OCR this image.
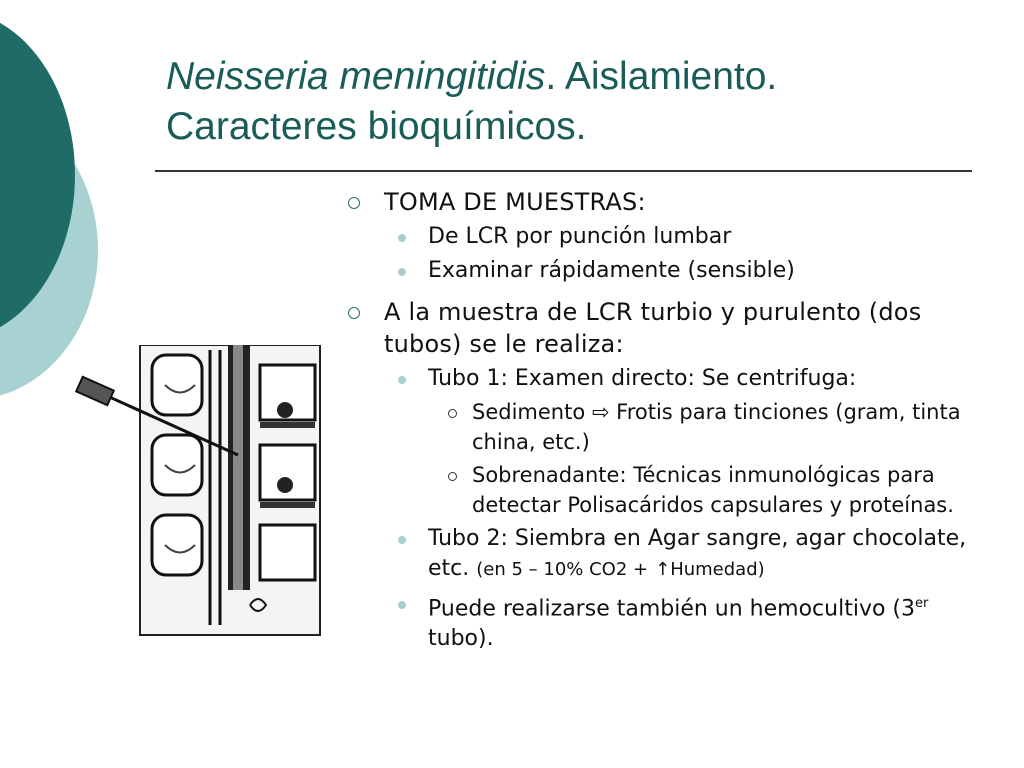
Neisseria meningitidis. Aislamiento.
Caracteres bioquímicos.
TOMA DE MUESTRAS:
De LCR por punción lumbar
Examinar rápidamente (sensible)
A la muestra de LCR turbio y purulento (dos tubos) se le realiza:
Tubo 1: Examen directo: Se centrifuga:
Sedimento ⇨ Frotis para tinciones (gram, tinta china, etc.)
Sobrenadante: Técnicas inmunológicas para detectar Polisacáridos capsulares y proteínas.
Tubo 2: Siembra en Agar sangre, agar chocolate, etc. (en 5 – 10% CO2 + ↑Humedad)
Puede realizarse también un hemocultivo (3er tubo).
